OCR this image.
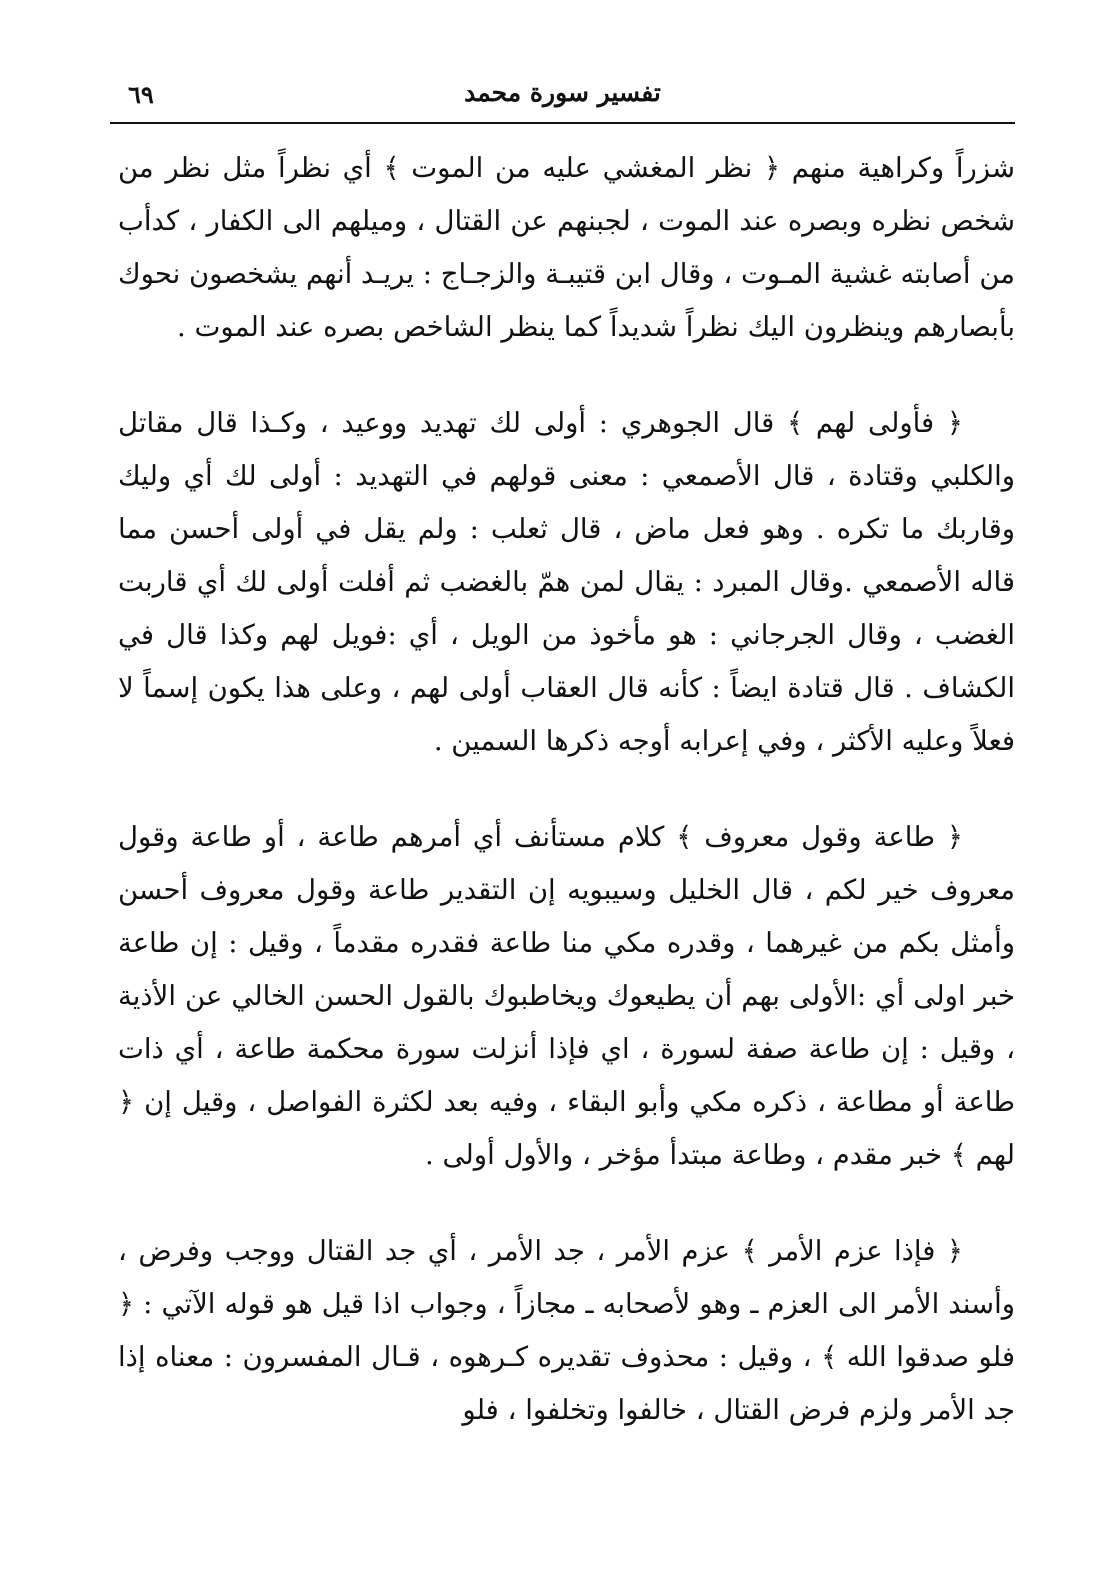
٦٩	تفسير سورة محمد

شزراً وكراهية منهم ﴿ نظر المغشي عليه من الموت ﴾ أي نظراً مثل نظر من شخص نظره وبصره عند الموت ، لجبنهم عن القتال ، وميلهم الى الكفار ، كدأب من أصابته غشية المـوت ، وقال ابن قتيبـة والزجـاج : يريـد أنهم يشخصون نحوك بأبصارهم وينظرون اليك نظراً شديداً كما ينظر الشاخص بصره عند الموت .

﴿ فأولى لهم ﴾ قال الجوهري : أولى لك تهديد ووعيد ، وكـذا قال مقاتل والكلبي وقتادة ، قال الأصمعي : معنى قولهم في التهديد : أولى لك أي وليك وقاربك ما تكره . وهو فعل ماض ، قال ثعلب : ولم يقل في أولى أحسن مما قاله الأصمعي .وقال المبرد : يقال لمن همّ بالغضب ثم أفلت أولى لك أي قاربت الغضب ، وقال الجرجاني : هو مأخوذ من الويل ، أي :فويل لهم وكذا قال في الكشاف . قال قتادة ايضاً : كأنه قال العقاب أولى لهم ، وعلى هذا يكون إسماً لا فعلاً وعليه الأكثر ، وفي إعرابه أوجه ذكرها السمين .

﴿ طاعة وقول معروف ﴾ كلام مستأنف أي أمرهم طاعة ، أو طاعة وقول معروف خير لكم ، قال الخليل وسيبويه إن التقدير طاعة وقول معروف أحسن وأمثل بكم من غيرهما ، وقدره مكي منا طاعة فقدره مقدماً ، وقيل : إن طاعة خبر اولى أي :الأولى بهم أن يطيعوك ويخاطبوك بالقول الحسن الخالي عن الأذية ، وقيل : إن طاعة صفة لسورة ، اي فإذا أنزلت سورة محكمة طاعة ، أي ذات طاعة أو مطاعة ، ذكره مكي وأبو البقاء ، وفيه بعد لكثرة الفواصل ، وقيل إن ﴿ لهم ﴾ خبر مقدم ، وطاعة مبتدأ مؤخر ، والأول أولى .

﴿ فإذا عزم الأمر ﴾ عزم الأمر ، جد الأمر ، أي جد القتال ووجب وفرض ، وأسند الأمر الى العزم ـ وهو لأصحابه ـ مجازاً ، وجواب اذا قيل هو قوله الآتي : ﴿ فلو صدقوا الله ﴾ ، وقيل : محذوف تقديره كـرهوه ، قـال المفسرون : معناه إذا جد الأمر ولزم فرض القتال ، خالفوا وتخلفوا ، فلو
